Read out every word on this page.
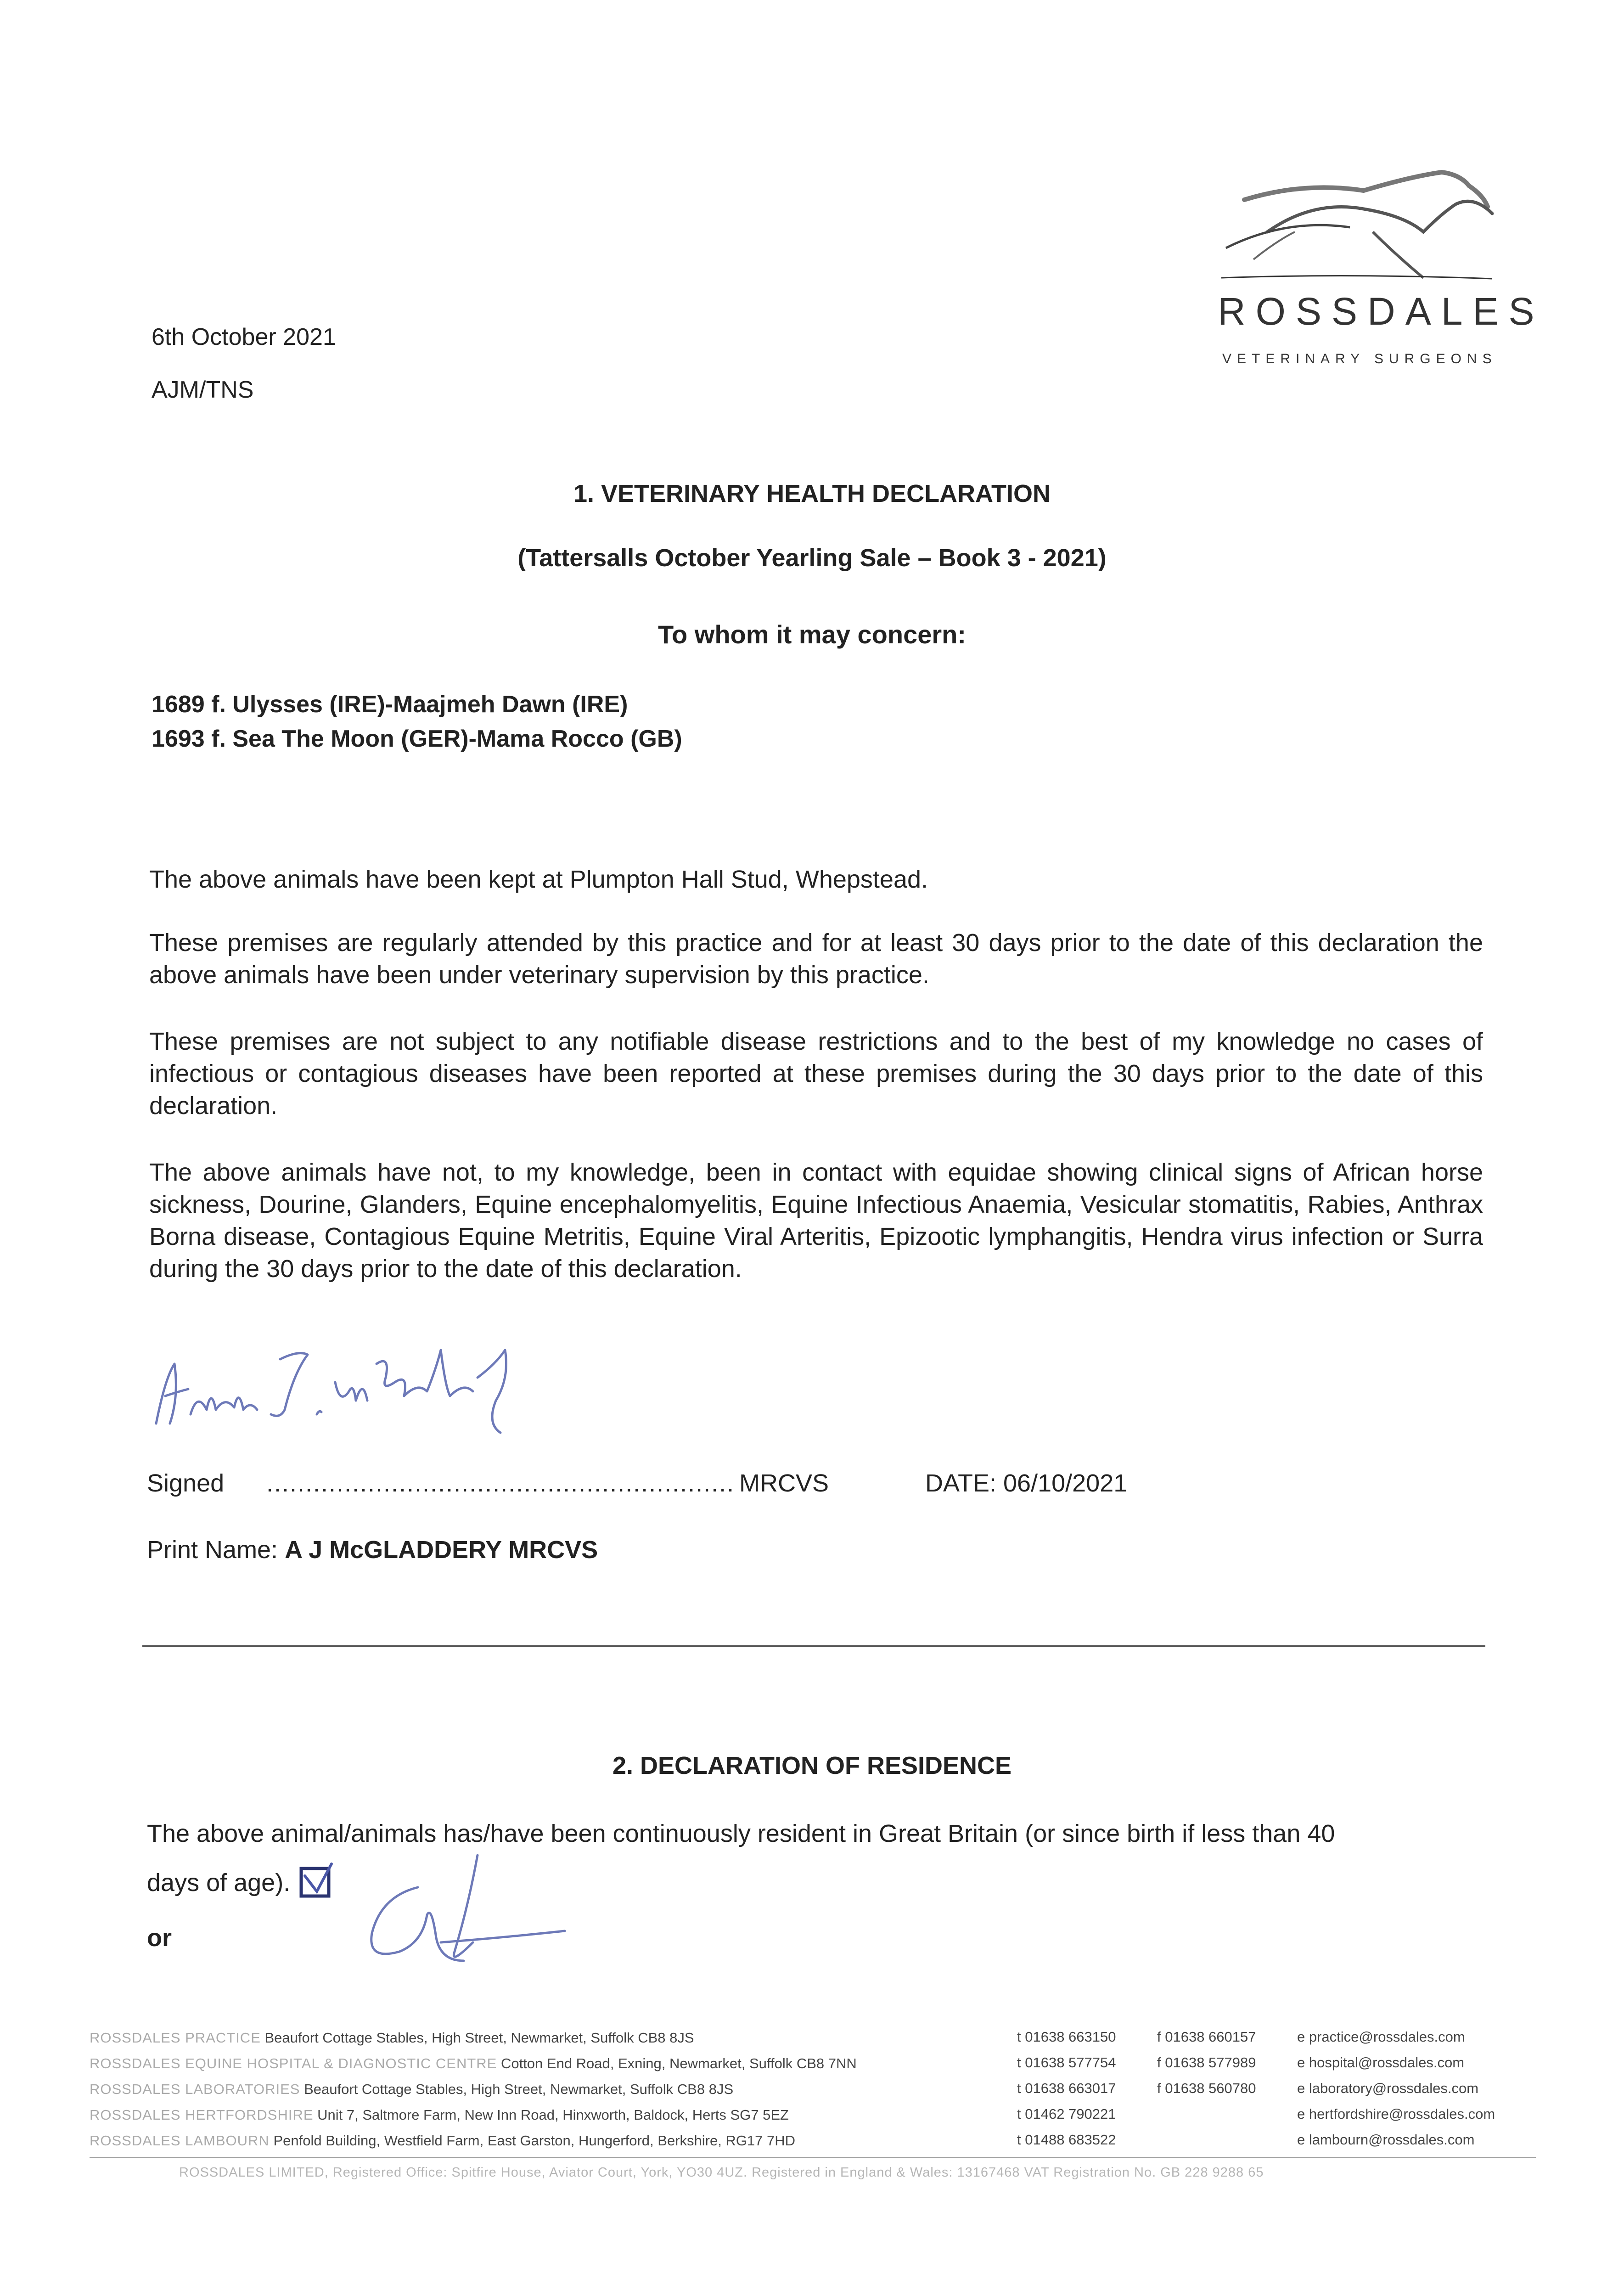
6th October 2021
AJM/TNS
ROSSDALES
VETERINARY SURGEONS
1. VETERINARY HEALTH DECLARATION
(Tattersalls October Yearling Sale – Book 3 - 2021)
To whom it may concern:
1689 f. Ulysses (IRE)-Maajmeh Dawn (IRE)
1693 f. Sea The Moon (GER)-Mama Rocco (GB)
The above animals have been kept at Plumpton Hall Stud, Whepstead.
These premises are regularly attended by this practice and for at least 30 days prior to the date of this declaration the above animals have been under veterinary supervision by this practice.
These premises are not subject to any notifiable disease restrictions and to the best of my knowledge no cases of infectious or contagious diseases have been reported at these premises during the 30 days prior to the date of this declaration.
The above animals have not, to my knowledge, been in contact with equidae showing clinical signs of African horse sickness, Dourine, Glanders, Equine encephalomyelitis, Equine Infectious Anaemia, Vesicular stomatitis, Rabies, Anthrax Borna disease, Contagious Equine Metritis, Equine Viral Arteritis, Epizootic lymphangitis, Hendra virus infection or Surra during the 30 days prior to the date of this declaration.
Signed ............................................................ MRCVS	DATE: 06/10/2021
Print Name: A J McGLADDERY MRCVS
2. DECLARATION OF RESIDENCE
The above animal/animals has/have been continuously resident in Great Britain (or since birth if less than 40
days of age).
or
ROSSDALES PRACTICE Beaufort Cottage Stables, High Street, Newmarket, Suffolk CB8 8JS
ROSSDALES EQUINE HOSPITAL & DIAGNOSTIC CENTRE Cotton End Road, Exning, Newmarket, Suffolk CB8 7NN
ROSSDALES LABORATORIES Beaufort Cottage Stables, High Street, Newmarket, Suffolk CB8 8JS
ROSSDALES HERTFORDSHIRE Unit 7, Saltmore Farm, New Inn Road, Hinxworth, Baldock, Herts SG7 5EZ
ROSSDALES LAMBOURN Penfold Building, Westfield Farm, East Garston, Hungerford, Berkshire, RG17 7HD
t 01638 663150
t 01638 577754
t 01638 663017
t 01462 790221
t 01488 683522
f 01638 660157
f 01638 577989
f 01638 560780
e practice@rossdales.com
e hospital@rossdales.com
e laboratory@rossdales.com
e hertfordshire@rossdales.com
e lambourn@rossdales.com
ROSSDALES LIMITED, Registered Office: Spitfire House, Aviator Court, York, YO30 4UZ. Registered in England & Wales: 13167468 VAT Registration No. GB 228 9288 65
